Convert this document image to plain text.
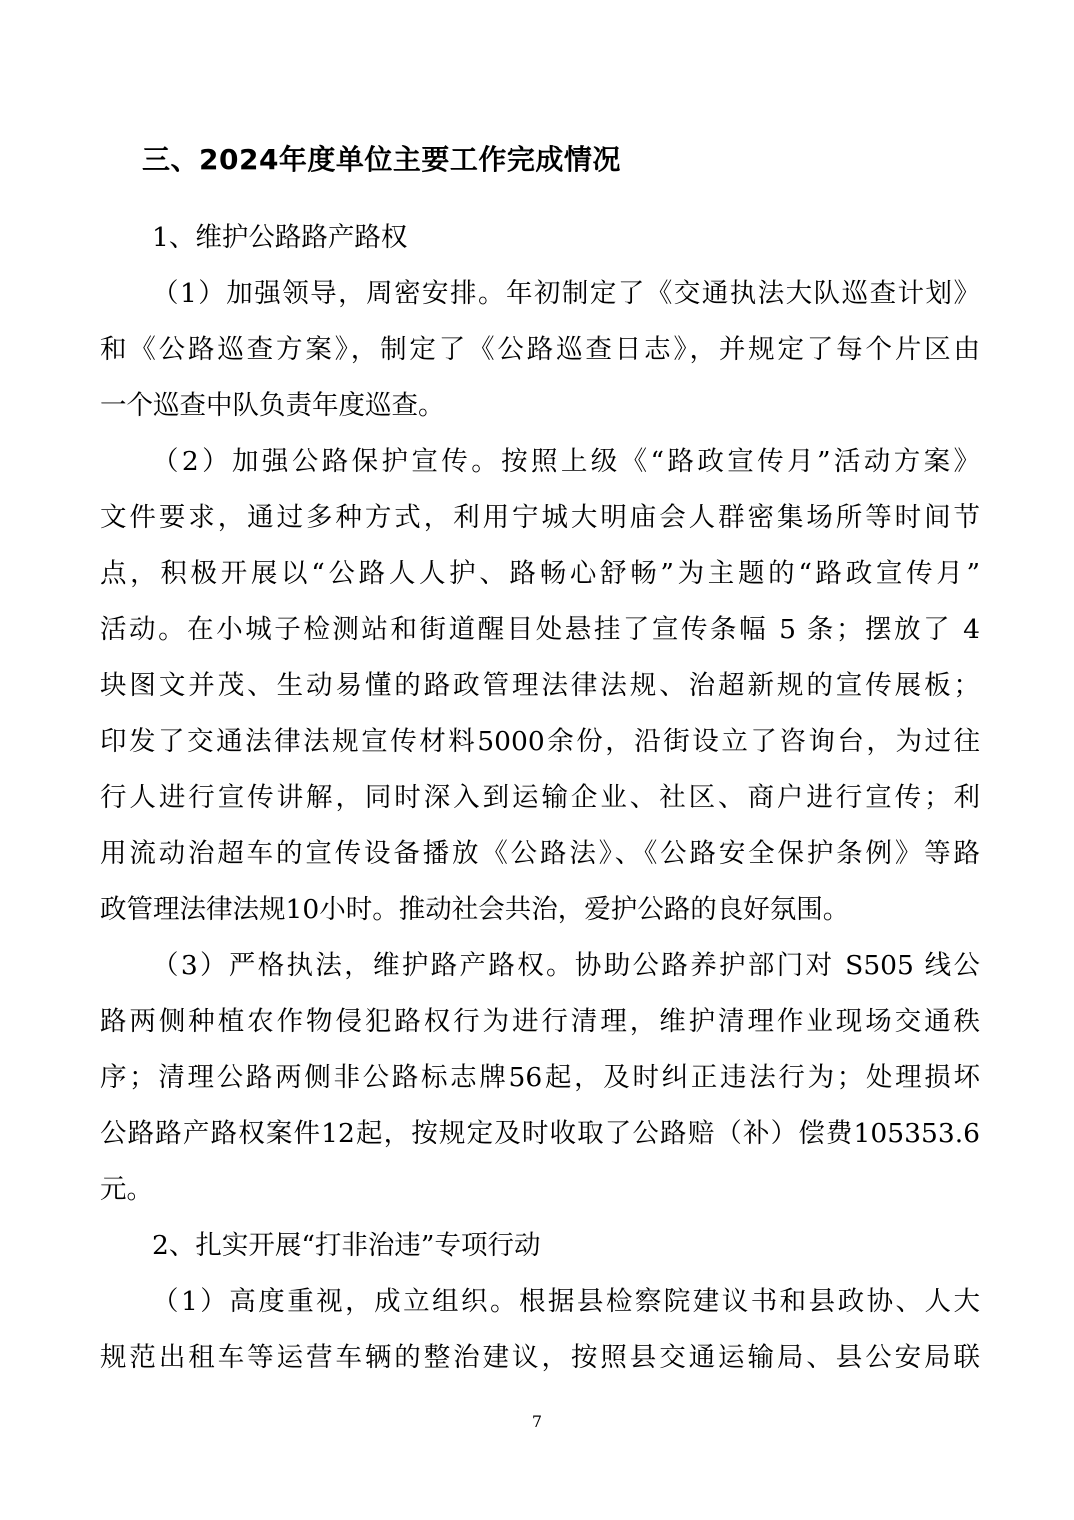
三、2024年度单位主要工作完成情况
1、维护公路路产路权
（1）加强领导，周密安排。年初制定了《交通执法大队巡查计划》
和《公路巡查方案》，制定了《公路巡查日志》，并规定了每个片区由
一个巡查中队负责年度巡查。
（2）加强公路保护宣传。按照上级《“路政宣传月”活动方案》
文件要求，通过多种方式，利用宁城大明庙会人群密集场所等时间节
点，积极开展以“公路人人护、路畅心舒畅”为主题的“路政宣传月”
活动。在小城子检测站和街道醒目处悬挂了宣传条幅 5 条；摆放了 4
块图文并茂、生动易懂的路政管理法律法规、治超新规的宣传展板；
印发了交通法律法规宣传材料5000余份，沿街设立了咨询台，为过往
行人进行宣传讲解，同时深入到运输企业、社区、商户进行宣传；利
用流动治超车的宣传设备播放《公路法》、《公路安全保护条例》等路
政管理法律法规10小时。推动社会共治，爱护公路的良好氛围。
（3）严格执法，维护路产路权。协助公路养护部门对 S505 线公
路两侧种植农作物侵犯路权行为进行清理，维护清理作业现场交通秩
序；清理公路两侧非公路标志牌56起，及时纠正违法行为；处理损坏
公路路产路权案件12起，按规定及时收取了公路赔（补）偿费105353.6
元。
2、扎实开展“打非治违”专项行动
（1）高度重视，成立组织。根据县检察院建议书和县政协、人大
规范出租车等运营车辆的整治建议，按照县交通运输局、县公安局联
7
